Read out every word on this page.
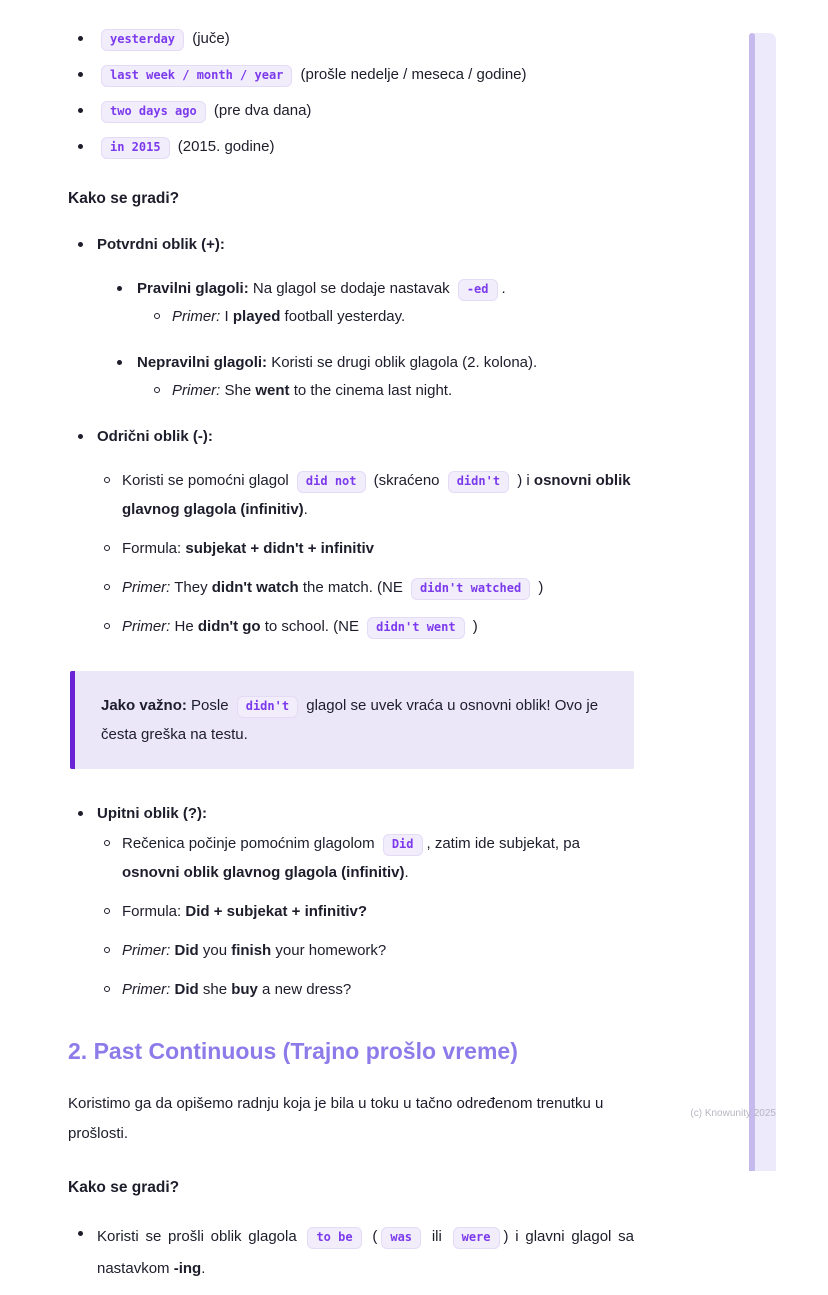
yesterday (juče)
last week / month / year (prošle nedelje / meseca / godine)
two days ago (pre dva dana)
in 2015 (2015. godine)

Kako se gradi?

Potvrdni oblik (+):
Pravilni glagoli: Na glagol se dodaje nastavak -ed .
Primer: I played football yesterday.
Nepravilni glagoli: Koristi se drugi oblik glagola (2. kolona).
Primer: She went to the cinema last night.
Odrični oblik (-):
Koristi se pomoćni glagol did not (skraćeno didn't ) i osnovni oblik glavnog glagola (infinitiv).
Formula: subjekat + didn't + infinitiv
Primer: They didn't watch the match. (NE didn't watched )
Primer: He didn't go to school. (NE didn't went )

Jako važno: Posle didn't glagol se uvek vraća u osnovni oblik! Ovo je česta greška na testu.

Upitni oblik (?):
Rečenica počinje pomoćnim glagolom Did , zatim ide subjekat, pa osnovni oblik glavnog glagola (infinitiv).
Formula: Did + subjekat + infinitiv?
Primer: Did you finish your homework?
Primer: Did she buy a new dress?
2. Past Continuous (Trajno prošlo vreme)

Koristimo ga da opišemo radnju koja je bila u toku u tačno određenom trenutku u prošlosti.

Kako se gradi?

Koristi se prošli oblik glagola to be ( was ili were ) i glavni glagol sa nastavkom -ing.
(c) Knowunity 2025
